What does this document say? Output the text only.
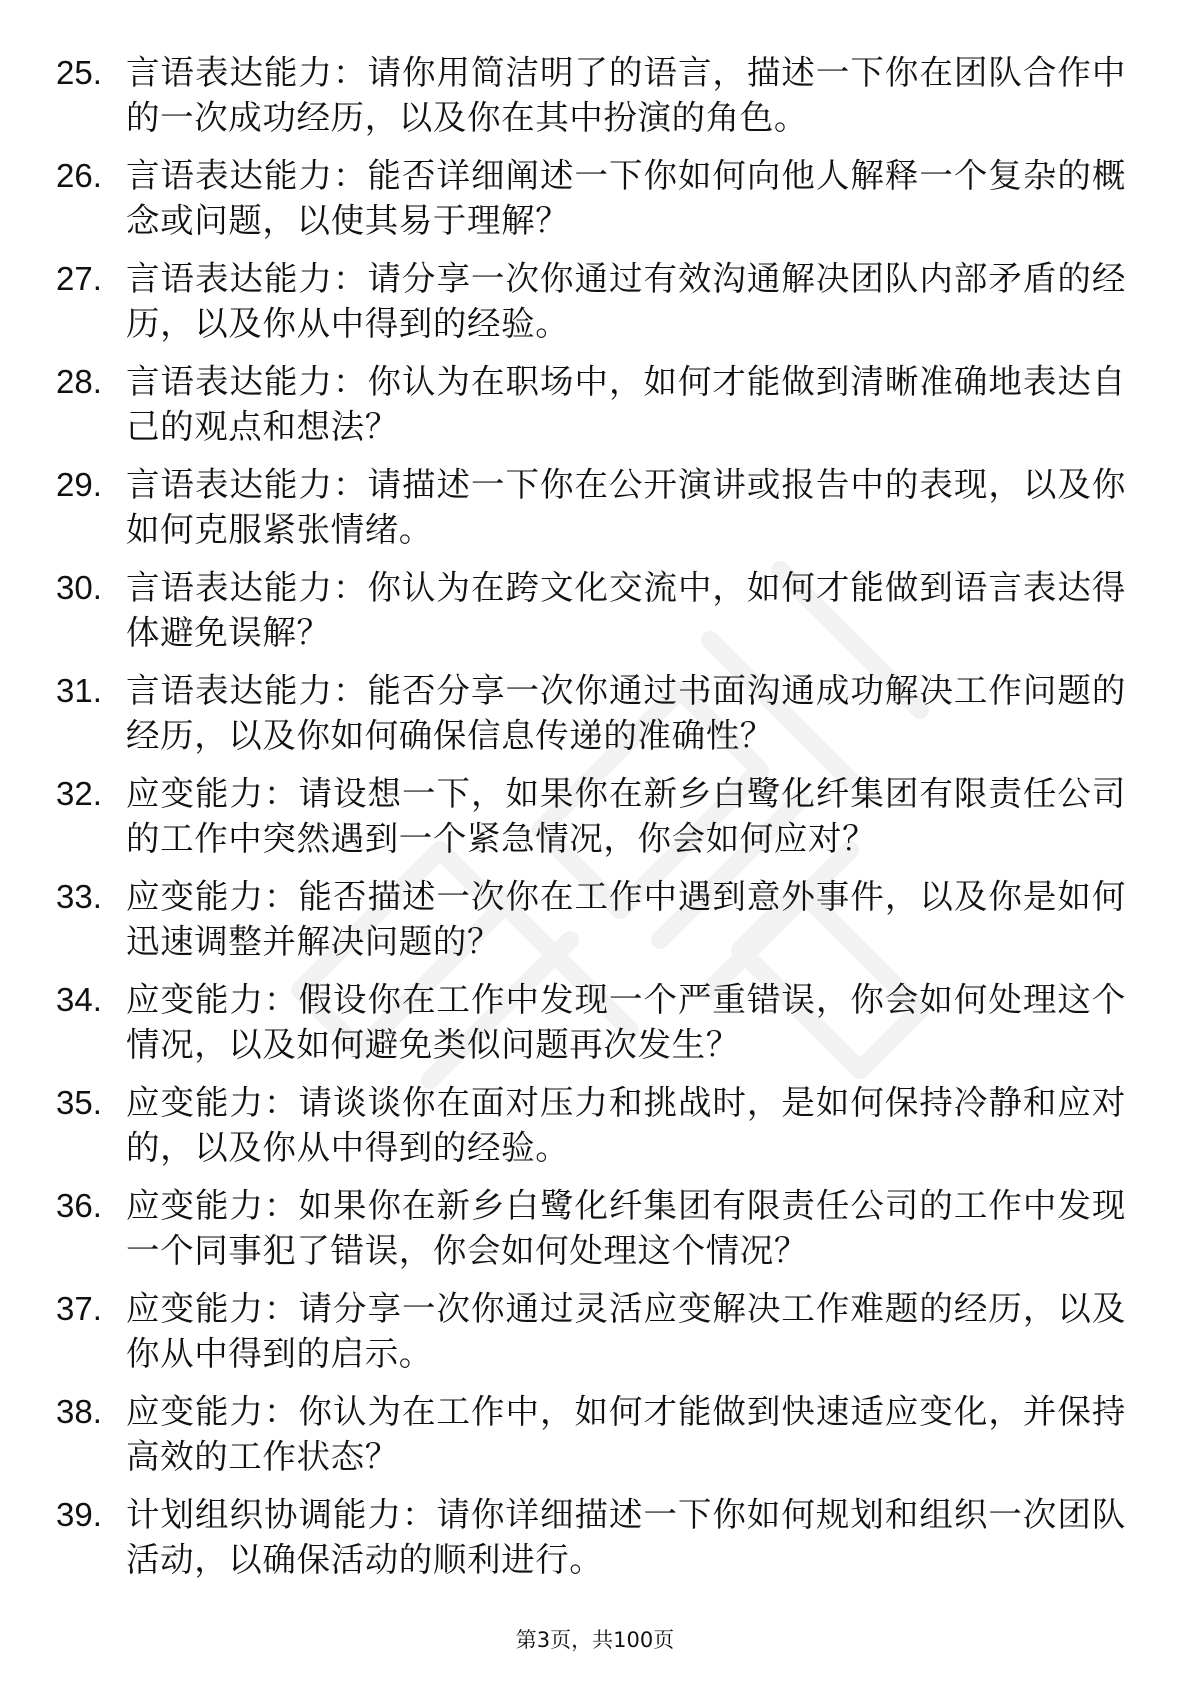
25. 言语表达能力：请你用简洁明了的语言，描述一下你在团队合作中的一次成功经历，以及你在其中扮演的角色。
26. 言语表达能力：能否详细阐述一下你如何向他人解释一个复杂的概念或问题，以使其易于理解？
27. 言语表达能力：请分享一次你通过有效沟通解决团队内部矛盾的经历，以及你从中得到的经验。
28. 言语表达能力：你认为在职场中，如何才能做到清晰准确地表达自己的观点和想法？
29. 言语表达能力：请描述一下你在公开演讲或报告中的表现，以及你如何克服紧张情绪。
30. 言语表达能力：你认为在跨文化交流中，如何才能做到语言表达得体避免误解？
31. 言语表达能力：能否分享一次你通过书面沟通成功解决工作问题的经历，以及你如何确保信息传递的准确性？
32. 应变能力：请设想一下，如果你在新乡白鹭化纤集团有限责任公司的工作中突然遇到一个紧急情况，你会如何应对？
33. 应变能力：能否描述一次你在工作中遇到意外事件，以及你是如何迅速调整并解决问题的？
34. 应变能力：假设你在工作中发现一个严重错误，你会如何处理这个情况，以及如何避免类似问题再次发生？
35. 应变能力：请谈谈你在面对压力和挑战时，是如何保持冷静和应对的，以及你从中得到的经验。
36. 应变能力：如果你在新乡白鹭化纤集团有限责任公司的工作中发现一个同事犯了错误，你会如何处理这个情况？
37. 应变能力：请分享一次你通过灵活应变解决工作难题的经历，以及你从中得到的启示。
38. 应变能力：你认为在工作中，如何才能做到快速适应变化，并保持高效的工作状态？
39. 计划组织协调能力：请你详细描述一下你如何规划和组织一次团队活动，以确保活动的顺利进行。
第3页，共100页
